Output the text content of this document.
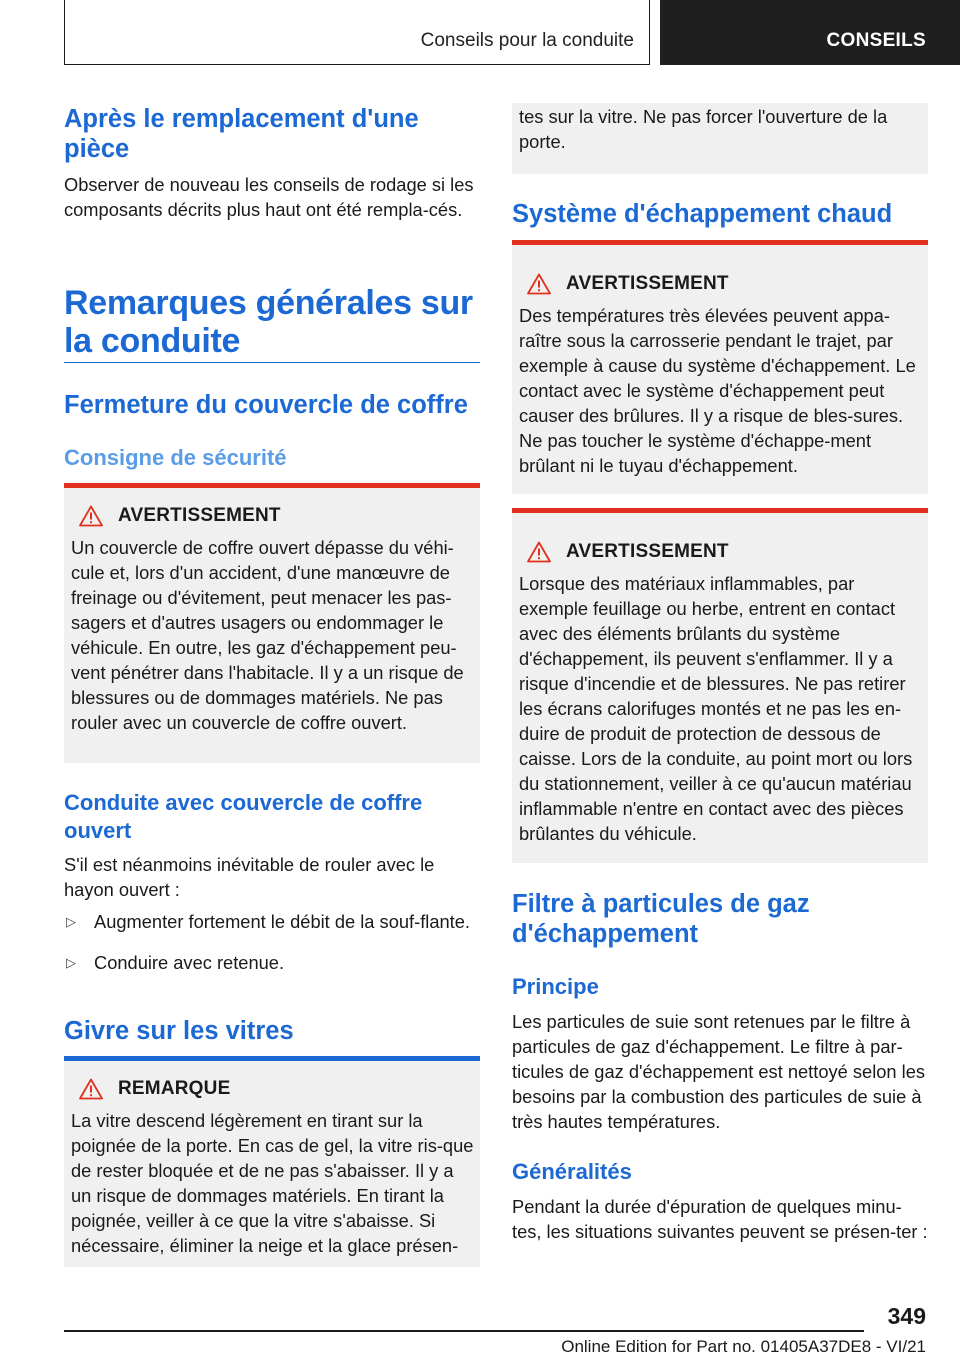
Conseils pour la conduite	CONSEILS
Après le remplacement d'une pièce
Observer de nouveau les conseils de rodage si les composants décrits plus haut ont été rempla-cés.
Remarques générales sur la conduite
Fermeture du couvercle de coffre
Consigne de sécurité
AVERTISSEMENT
Un couvercle de coffre ouvert dépasse du véhi-cule et, lors d'un accident, d'une manœuvre de freinage ou d'évitement, peut menacer les pas-sagers et d'autres usagers ou endommager le véhicule. En outre, les gaz d'échappement peu-vent pénétrer dans l'habitacle. Il y a un risque de blessures ou de dommages matériels. Ne pas rouler avec un couvercle de coffre ouvert.
Conduite avec couvercle de coffre ouvert
S'il est néanmoins inévitable de rouler avec le hayon ouvert :
▷ Augmenter fortement le débit de la souf-flante.
▷ Conduire avec retenue.
Givre sur les vitres
REMARQUE
La vitre descend légèrement en tirant sur la poignée de la porte. En cas de gel, la vitre ris-que de rester bloquée et de ne pas s'abaisser. Il y a un risque de dommages matériels. En tirant la poignée, veiller à ce que la vitre s'abaisse. Si nécessaire, éliminer la neige et la glace présen-
tes sur la vitre. Ne pas forcer l'ouverture de la porte.
Système d'échappement chaud
AVERTISSEMENT
Des températures très élevées peuvent appa-raître sous la carrosserie pendant le trajet, par exemple à cause du système d'échappement. Le contact avec le système d'échappement peut causer des brûlures. Il y a risque de bles-sures. Ne pas toucher le système d'échappe-ment brûlant ni le tuyau d'échappement.
AVERTISSEMENT
Lorsque des matériaux inflammables, par exemple feuillage ou herbe, entrent en contact avec des éléments brûlants du système d'échappement, ils peuvent s'enflammer. Il y a risque d'incendie et de blessures. Ne pas retirer les écrans calorifuges montés et ne pas les en-duire de produit de protection de dessous de caisse. Lors de la conduite, au point mort ou lors du stationnement, veiller à ce qu'aucun matériau inflammable n'entre en contact avec des pièces brûlantes du véhicule.
Filtre à particules de gaz d'échappement
Principe
Les particules de suie sont retenues par le filtre à particules de gaz d'échappement. Le filtre à par-ticules de gaz d'échappement est nettoyé selon les besoins par la combustion des particules de suie à très hautes températures.
Généralités
Pendant la durée d'épuration de quelques minu-tes, les situations suivantes peuvent se présen-ter :
349
Online Edition for Part no. 01405A37DE8 - VI/21
